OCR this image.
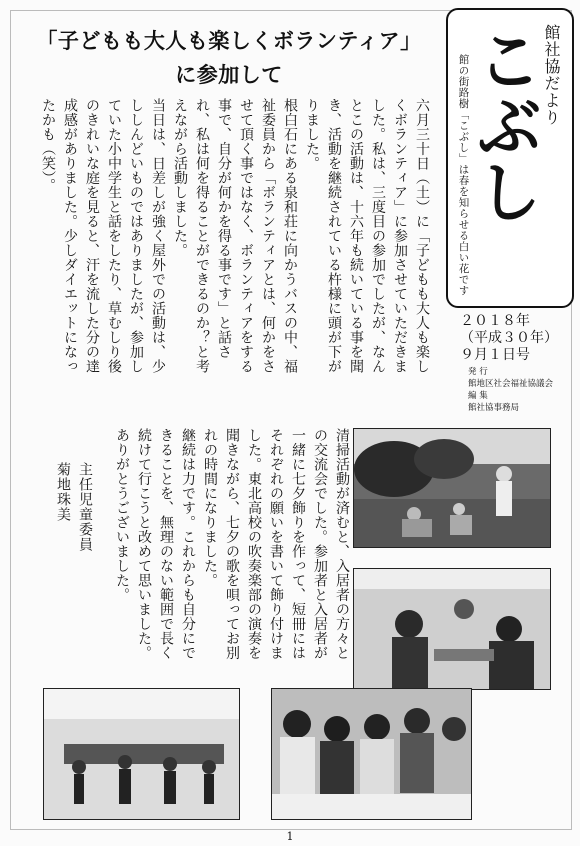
館社協だより
こぶし
館の街路樹「こぶし」は春を知らせる白い花です
２０１８年
（平成３０年）
９月１日号
発 行
館地区社会福祉協議会
編 集
館社協事務局
「子どもも大人も楽しくボランティア」
に参加して

六月三十日（土）に「子どもも大人も楽しくボランティア」に参加させていただきました。私は、三度目の参加でしたが、なんとこの活動は、十六年も続いている事を聞き、活動を継続されている杵様に頭が下がりました。

根白石にある泉和荘に向かうバスの中、福祉委員から「ボランティアとは、何かをさせて頂く事ではなく、ボランティアをする事で、自分が何かを得る事です」と話され、私は何を得ることができるのか？と考えながら活動しました。

当日は、日差しが強く屋外での活動は、少ししんどいものではありましたが、参加していた小中学生と話をしたり、草むしり後のきれいな庭を見ると、汗を流した分の達成感がありました。少しダイエットになったかも（笑）。

清掃活動が済むと、入居者の方々との交流会でした。参加者と入居者が一緒に七夕飾りを作って、短冊にはそれぞれの願いを書いて飾り付けました。東北高校の吹奏楽部の演奏を聞きながら、七夕の歌を唄ってお別れの時間になりました。

継続は力です。これからも自分にできることを、無理のない範囲で長く続けて行こうと改めて思いました。ありがとうございました。

主任児童委員
菊地珠美
1
